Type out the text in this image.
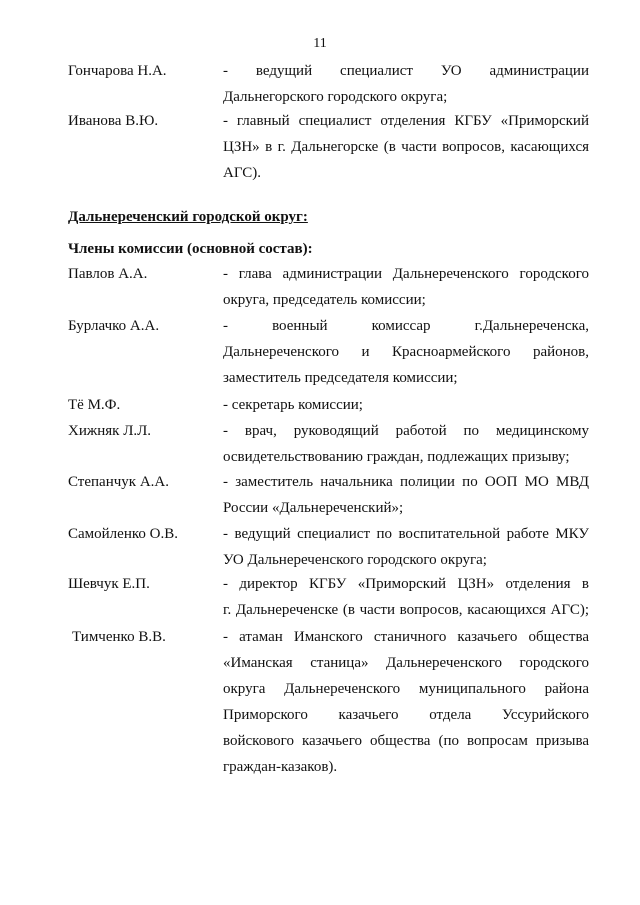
11
Гончарова Н.А.	- ведущий специалист УО администрации
Дальнегорского городского округа;
Иванова В.Ю.	- главный специалист отделения КГБУ «Приморский
ЦЗН» в г. Дальнегорске (в части вопросов, касающихся
АГС).
Дальнереченский городской округ:
Члены комиссии (основной состав):
Павлов А.А.	- глава администрации Дальнереченского городского
округа, председатель комиссии;
Бурлачко А.А.	- военный комиссар г.Дальнереченска,
Дальнереченского и Красноармейского районов,
заместитель председателя комиссии;
Тё М.Ф.	- секретарь комиссии;
Хижняк Л.Л.	- врач, руководящий работой по медицинскому
освидетельствованию граждан, подлежащих призыву;
Степанчук А.А.	- заместитель начальника полиции по ООП МО МВД
России «Дальнереченский»;
Самойленко О.В.	- ведущий специалист по воспитательной работе МКУ
УО Дальнереченского городского округа;
Шевчук Е.П.	- директор КГБУ «Приморский ЦЗН» отделения в
г. Дальнереченске (в части вопросов, касающихся АГС);
Тимченко В.В.	- атаман Иманского станичного казачьего общества
«Иманская станица» Дальнереченского городского
округа Дальнереченского муниципального района
Приморского казачьего отдела Уссурийского
войскового казачьего общества (по вопросам призыва
граждан-казаков).
